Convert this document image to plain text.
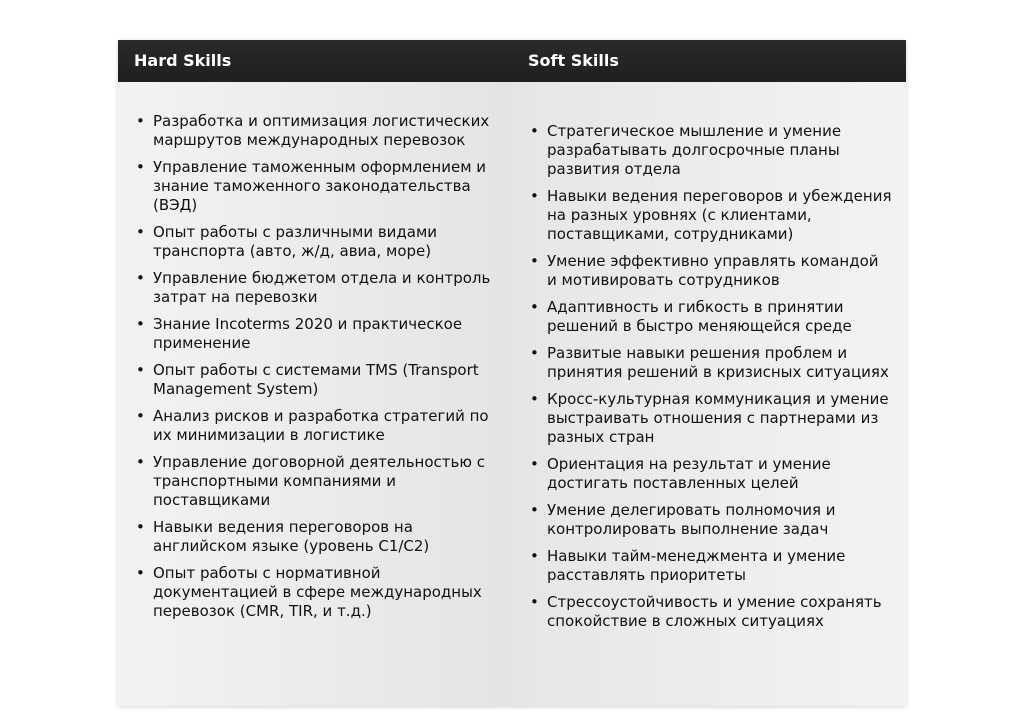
Hard Skills	Soft Skills
• Разработка и оптимизация логистических маршрутов международных перевозок
• Управление таможенным оформлением и знание таможенного законодательства (ВЭД)
• Опыт работы с различными видами транспорта (авто, ж/д, авиа, море)
• Управление бюджетом отдела и контроль затрат на перевозки
• Знание Incoterms 2020 и практическое применение
• Опыт работы с системами TMS (Transport Management System)
• Анализ рисков и разработка стратегий по их минимизации в логистике
• Управление договорной деятельностью с транспортными компаниями и поставщиками
• Навыки ведения переговоров на английском языке (уровень C1/C2)
• Опыт работы с нормативной документацией в сфере международных перевозок (CMR, TIR, и т.д.)
• Стратегическое мышление и умение разрабатывать долгосрочные планы развития отдела
• Навыки ведения переговоров и убеждения на разных уровнях (с клиентами, поставщиками, сотрудниками)
• Умение эффективно управлять командой и мотивировать сотрудников
• Адаптивность и гибкость в принятии решений в быстро меняющейся среде
• Развитые навыки решения проблем и принятия решений в кризисных ситуациях
• Кросс-культурная коммуникация и умение выстраивать отношения с партнерами из разных стран
• Ориентация на результат и умение достигать поставленных целей
• Умение делегировать полномочия и контролировать выполнение задач
• Навыки тайм-менеджмента и умение расставлять приоритеты
• Стрессоустойчивость и умение сохранять спокойствие в сложных ситуациях
